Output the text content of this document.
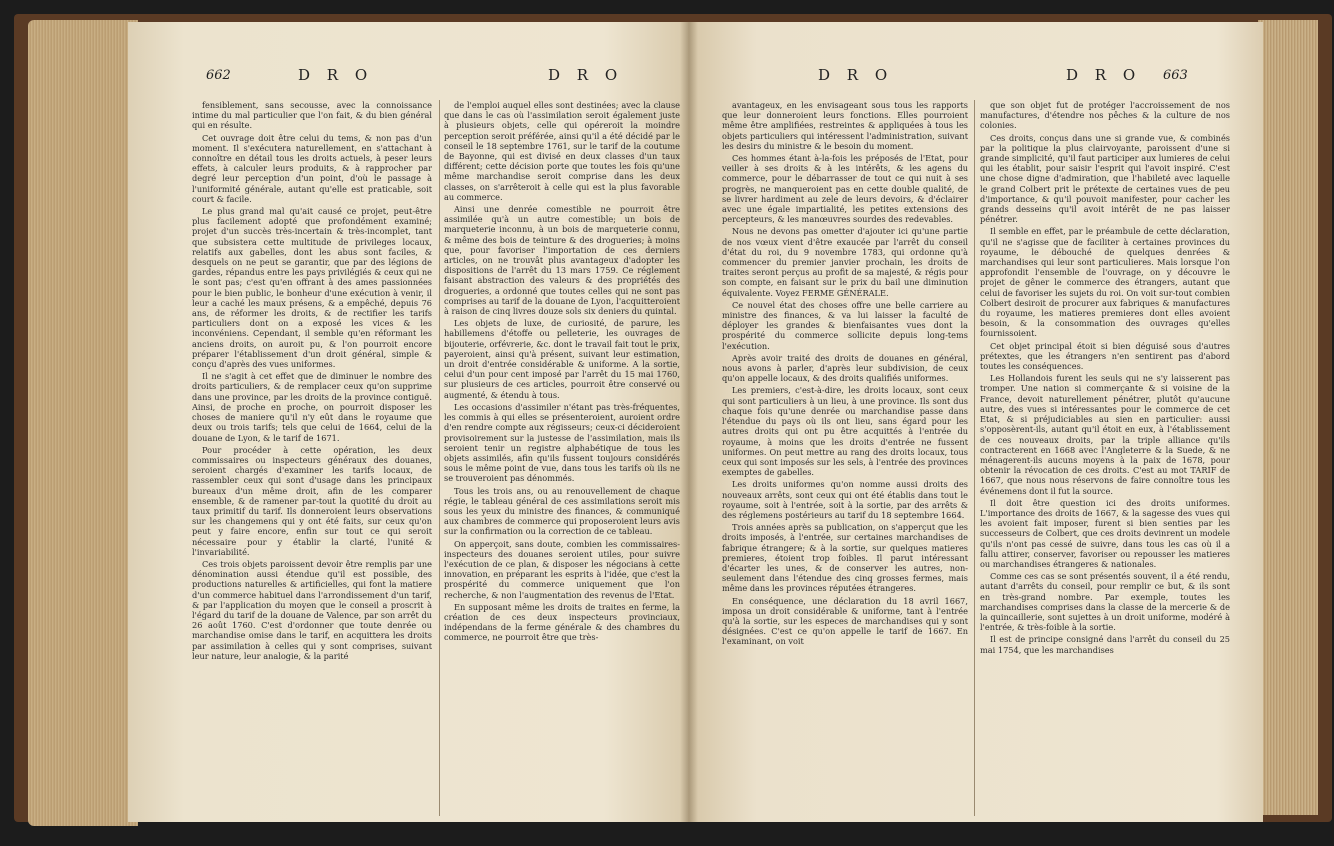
662	D R O	D R O

fensiblement, sans secousse, avec la connoissance intime du mal particulier que l'on fait, & du bien général qui en résulte.

Cet ouvrage doit être celui du tems, & non pas d'un moment. Il s'exécutera naturellement, en s'attachant à connoître en détail tous les droits actuels, à peser leurs effets, à calculer leurs produits, & à rapprocher par degré leur perception d'un point, d'où le passage à l'uniformité générale, autant qu'elle est praticable, soit court & facile.

Le plus grand mal qu'ait causé ce projet, peut-être plus facilement adopté que profondément examiné; projet d'un succès très-incertain & très-incomplet, tant que subsistera cette multitude de privileges locaux, relatifs aux gabelles, dont les abus sont faciles, & desquels on ne peut se garantir, que par des légions de gardes, répandus entre les pays privilégiés & ceux qui ne le sont pas; c'est qu'en offrant à des ames passionnées pour le bien public, le bonheur d'une exécution à venir, il leur a caché les maux présens, & a empêché, depuis 76 ans, de réformer les droits, & de rectifier les tarifs particuliers dont on a exposé les vices & les inconvéniens. Cependant, il semble qu'en réformant les anciens droits, on auroit pu, & l'on pourroit encore préparer l'établissement d'un droit général, simple & conçu d'après des vues uniformes.

Il ne s'agit à cet effet que de diminuer le nombre des droits particuliers, & de remplacer ceux qu'on supprime dans une province, par les droits de la province contiguë. Ainsi, de proche en proche, on pourroit disposer les choses de maniere qu'il n'y eût dans le royaume que deux ou trois tarifs; tels que celui de 1664, celui de la douane de Lyon, & le tarif de 1671.

Pour procéder à cette opération, les deux commissaires ou inspecteurs généraux des douanes, seroient chargés d'examiner les tarifs locaux, de rassembler ceux qui sont d'usage dans les principaux bureaux d'un même droit, afin de les comparer ensemble, & de ramener par-tout la quotité du droit au taux primitif du tarif. Ils donneroient leurs observations sur les changemens qui y ont été faits, sur ceux qu'on peut y faire encore, enfin sur tout ce qui seroit nécessaire pour y établir la clarté, l'unité & l'invariabilité.

Ces trois objets paroissent devoir être remplis par une dénomination aussi étendue qu'il est possible, des productions naturelles & artificielles, qui font la matiere d'un commerce habituel dans l'arrondissement d'un tarif, & par l'application du moyen que le conseil a proscrit à l'égard du tarif de la douane de Valence, par son arrêt du 26 août 1760. C'est d'ordonner que toute denrée ou marchandise omise dans le tarif, en acquittera les droits par assimilation à celles qui y sont comprises, suivant leur nature, leur analogie, & la parité

de l'emploi auquel elles sont destinées; avec la clause que dans le cas où l'assimilation seroit également juste à plusieurs objets, celle qui opéreroit la moindre perception seroit préférée, ainsi qu'il a été décidé par le conseil le 18 septembre 1761, sur le tarif de la coutume de Bayonne, qui est divisé en deux classes d'un taux différent; cette décision porte que toutes les fois qu'une même marchandise seroit comprise dans les deux classes, on s'arrêteroit à celle qui est la plus favorable au commerce.

Ainsi une denrée comestible ne pourroit être assimilée qu'à un autre comestible; un bois de marqueterie inconnu, à un bois de marqueterie connu, & même des bois de teinture & des drogueries; à moins que, pour favoriser l'importation de ces derniers articles, on ne trouvât plus avantageux d'adopter les dispositions de l'arrêt du 13 mars 1759. Ce réglement faisant abstraction des valeurs & des propriétés des drogueries, a ordonné que toutes celles qui ne sont pas comprises au tarif de la douane de Lyon, l'acquitteroient à raison de cinq livres douze sols six deniers du quintal.

Les objets de luxe, de curiosité, de parure, les habillemens d'étoffe ou pelleterie, les ouvrages de bijouterie, orfévrerie, &c. dont le travail fait tout le prix, payeroient, ainsi qu'à présent, suivant leur estimation, un droit d'entrée considérable & uniforme. A la sortie, celui d'un pour cent imposé par l'arrêt du 15 mai 1760, sur plusieurs de ces articles, pourroit être conservé ou augmenté, & étendu à tous.

Les occasions d'assimiler n'étant pas très-fréquentes, les commis à qui elles se présenteroient, auroient ordre d'en rendre compte aux régisseurs; ceux-ci décideroient provisoirement sur la justesse de l'assimilation, mais ils seroient tenir un registre alphabétique de tous les objets assimilés, afin qu'ils fussent toujours considérés sous le même point de vue, dans tous les tarifs où ils ne se trouveroient pas dénommés.

Tous les trois ans, ou au renouvellement de chaque régie, le tableau général de ces assimilations seroit mis sous les yeux du ministre des finances, & communiqué aux chambres de commerce qui proposeroient leurs avis sur la confirmation ou la correction de ce tableau.

On apperçoit, sans doute, combien les commissaires-inspecteurs des douanes seroient utiles, pour suivre l'exécution de ce plan, & disposer les négocians à cette innovation, en préparant les esprits à l'idée, que c'est la prospérité du commerce uniquement que l'on recherche, & non l'augmentation des revenus de l'Etat.

En supposant même les droits de traites en ferme, la création de ces deux inspecteurs provinciaux, indépendans de la ferme générale & des chambres du commerce, ne pourroit être que très-

D R O	D R O 663

avantageux, en les envisageant sous tous les rapports que leur donneroient leurs fonctions. Elles pourroient même être amplifiées, restreintes & appliquées à tous les objets particuliers qui intéressent l'administration, suivant les desirs du ministre & le besoin du moment.

Ces hommes étant à-la-fois les préposés de l'Etat, pour veiller à ses droits & à les intérêts, & les agens du commerce, pour le débarrasser de tout ce qui nuit à ses progrès, ne manqueroient pas en cette double qualité, de se livrer hardiment au zele de leurs devoirs, & d'éclairer avec une égale impartialité, les petites extensions des percepteurs, & les manœuvres sourdes des redevables.

Nous ne devons pas ometter d'ajouter ici qu'une partie de nos vœux vient d'être exaucée par l'arrêt du conseil d'état du roi, du 9 novembre 1783, qui ordonne qu'à commencer du premier janvier prochain, les droits de traites seront perçus au profit de sa majesté, & régis pour son compte, en faisant sur le prix du bail une diminution équivalente. Voyez FERME GÉNÉRALE.

Ce nouvel état des choses offre une belle carriere au ministre des finances, & va lui laisser la faculté de déployer les grandes & bienfaisantes vues dont la prospérité du commerce sollicite depuis long-tems l'exécution.

Après avoir traité des droits de douanes en général, nous avons à parler, d'après leur subdivision, de ceux qu'on appelle locaux, & des droits qualifiés uniformes.

Les premiers, c'est-à-dire, les droits locaux, sont ceux qui sont particuliers à un lieu, à une province. Ils sont dus chaque fois qu'une denrée ou marchandise passe dans l'étendue du pays où ils ont lieu, sans égard pour les autres droits qui ont pu être acquittés à l'entrée du royaume, à moins que les droits d'entrée ne fussent uniformes. On peut mettre au rang des droits locaux, tous ceux qui sont imposés sur les sels, à l'entrée des provinces exemptes de gabelles.

Les droits uniformes qu'on nomme aussi droits des nouveaux arrêts, sont ceux qui ont été établis dans tout le royaume, soit à l'entrée, soit à la sortie, par des arrêts & des réglemens postérieurs au tarif du 18 septembre 1664.

Trois années après sa publication, on s'apperçut que les droits imposés, à l'entrée, sur certaines marchandises de fabrique étrangere; & à la sortie, sur quelques matieres premieres, étoient trop foibles. Il parut intéressant d'écarter les unes, & de conserver les autres, non-seulement dans l'étendue des cinq grosses fermes, mais même dans les provinces réputées étrangeres.

En conséquence, une déclaration du 18 avril 1667, imposa un droit considérable & uniforme, tant à l'entrée qu'à la sortie, sur les especes de marchandises qui y sont désignées. C'est ce qu'on appelle le tarif de 1667. En l'examinant, on voit

que son objet fut de protéger l'accroissement de nos manufactures, d'étendre nos pêches & la culture de nos colonies.

Ces droits, conçus dans une si grande vue, & combinés par la politique la plus clairvoyante, paroissent d'une si grande simplicité, qu'il faut participer aux lumieres de celui qui les établit, pour saisir l'esprit qui l'avoit inspiré. C'est une chose digne d'admiration, que l'habileté avec laquelle le grand Colbert prit le prétexte de certaines vues de peu d'importance, & qu'il pouvoit manifester, pour cacher les grands desseins qu'il avoit intérêt de ne pas laisser pénétrer.

Il semble en effet, par le préambule de cette déclaration, qu'il ne s'agisse que de faciliter à certaines provinces du royaume, le débouché de quelques denrées & marchandises qui leur sont particulieres. Mais lorsque l'on approfondit l'ensemble de l'ouvrage, on y découvre le projet de gêner le commerce des étrangers, autant que celui de favoriser les sujets du roi. On voit sur-tout combien Colbert desiroit de procurer aux fabriques & manufactures du royaume, les matieres premieres dont elles avoient besoin, & la consommation des ouvrages qu'elles fournissoient.

Cet objet principal étoit si bien déguisé sous d'autres prétextes, que les étrangers n'en sentirent pas d'abord toutes les conséquences.

Les Hollandois furent les seuls qui ne s'y laisserent pas tromper. Une nation si commerçante & si voisine de la France, devoit naturellement pénétrer, plutôt qu'aucune autre, des vues si intéressantes pour le commerce de cet Etat, & si préjudiciables au sien en particulier: aussi s'opposèrent-ils, autant qu'il étoit en eux, à l'établissement de ces nouveaux droits, par la triple alliance qu'ils contracterent en 1668 avec l'Angleterre & la Suede, & ne ménagerent-ils aucuns moyens à la paix de 1678, pour obtenir la révocation de ces droits. C'est au mot TARIF de 1667, que nous nous réservons de faire connoître tous les événemens dont il fut la source.

Il doit être question ici des droits uniformes. L'importance des droits de 1667, & la sagesse des vues qui les avoient fait imposer, furent si bien senties par les successeurs de Colbert, que ces droits devinrent un modele qu'ils n'ont pas cessé de suivre, dans tous les cas où il a fallu attirer, conserver, favoriser ou repousser les matieres ou marchandises étrangeres & nationales.

Comme ces cas se sont présentés souvent, il a été rendu, autant d'arrêts du conseil, pour remplir ce but, & ils sont en très-grand nombre. Par exemple, toutes les marchandises comprises dans la classe de la mercerie & de la quincaillerie, sont sujettes à un droit uniforme, modéré à l'entrée, & très-foible à la sortie.

Il est de principe consigné dans l'arrêt du conseil du 25 mai 1754, que les marchandises
